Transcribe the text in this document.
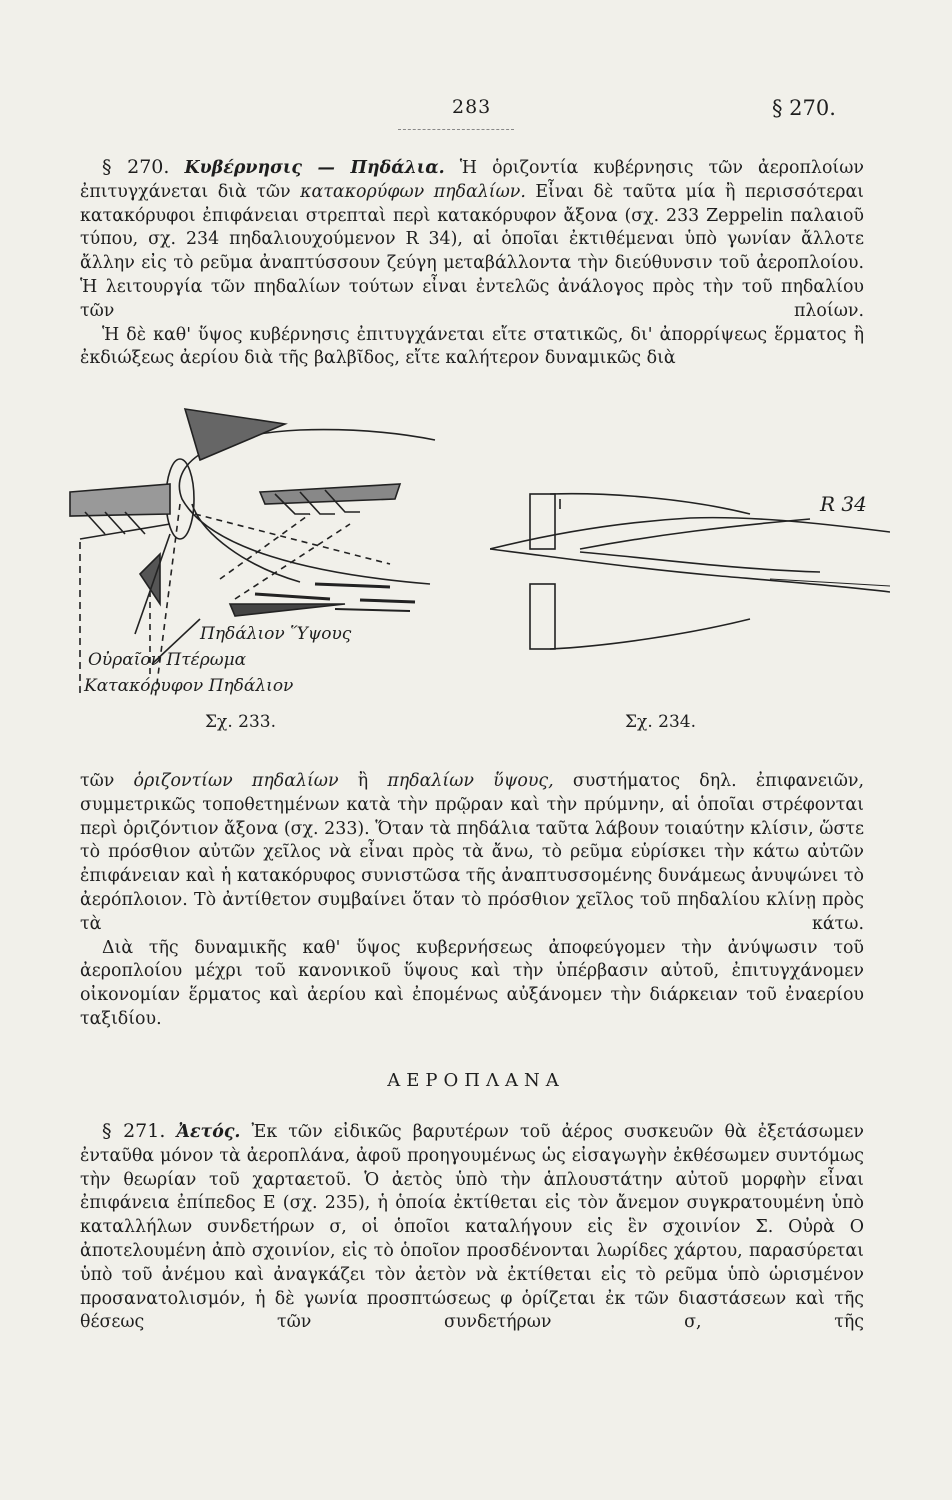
283	§ 270.

§ 270. Κυβέρνησις — Πηδάλια. Ἡ ὁριζοντία κυβέρνησις τῶν ἀεροπλοίων ἐπιτυγχάνεται διὰ τῶν κατακορύφων πηδαλίων. Εἶναι δὲ ταῦτα μία ἢ περισσότεραι κατακόρυφοι ἐπιφάνειαι στρεπταὶ περὶ κατακόρυφον ἄξονα (σχ. 233 Zeppelin παλαιοῦ τύπου, σχ. 234 πηδαλιουχούμενον R 34), αἱ ὁποῖαι ἐκτιθέμεναι ὑπὸ γωνίαν ἄλλοτε ἄλλην εἰς τὸ ρεῦμα ἀναπτύσσουν ζεύγη μεταβάλλοντα τὴν διεύθυνσιν τοῦ ἀεροπλοίου. Ἡ λειτουργία τῶν πηδαλίων τούτων εἶναι ἐντελῶς ἀνάλογος πρὸς τὴν τοῦ πηδαλίου τῶν πλοίων.

Ἡ δὲ καθ' ὕψος κυβέρνησις ἐπιτυγχάνεται εἴτε στατικῶς, δι' ἀπορρίψεως ἕρματος ἢ ἐκδιώξεως ἀερίου διὰ τῆς βαλβῖδος, εἴτε καλήτερον δυναμικῶς διὰ

Πηδάλιον Ὕψους
Οὐραῖον Πτέρωμα
Κατακόρυφον Πηδάλιον
R 34
Σχ. 233.	Σχ. 234.

τῶν ὁριζοντίων πηδαλίων ἢ πηδαλίων ὕψους, συστήματος δηλ. ἐπιφανειῶν, συμμετρικῶς τοποθετημένων κατὰ τὴν πρῷραν καὶ τὴν πρύμνην, αἱ ὁποῖαι στρέφονται περὶ ὁριζόντιον ἄξονα (σχ. 233). Ὅταν τὰ πηδάλια ταῦτα λάβουν τοιαύτην κλίσιν, ὥστε τὸ πρόσθιον αὐτῶν χεῖλος νὰ εἶναι πρὸς τὰ ἄνω, τὸ ρεῦμα εὑρίσκει τὴν κάτω αὐτῶν ἐπιφάνειαν καὶ ἡ κατακόρυφος συνιστῶσα τῆς ἀναπτυσσομένης δυνάμεως ἀνυψώνει τὸ ἀερόπλοιον. Τὸ ἀντίθετον συμβαίνει ὅταν τὸ πρόσθιον χεῖλος τοῦ πηδαλίου κλίνῃ πρὸς τὰ κάτω.

Διὰ τῆς δυναμικῆς καθ' ὕψος κυβερνήσεως ἀποφεύγομεν τὴν ἀνύψωσιν τοῦ ἀεροπλοίου μέχρι τοῦ κανονικοῦ ὕψους καὶ τὴν ὑπέρβασιν αὐτοῦ, ἐπιτυγχάνομεν οἰκονομίαν ἕρματος καὶ ἀερίου καὶ ἐπομένως αὐξάνομεν τὴν διάρκειαν τοῦ ἐναερίου ταξιδίου.

ΑΕΡΟΠΛΑΝΑ

§ 271. Ἀετός. Ἐκ τῶν εἰδικῶς βαρυτέρων τοῦ ἀέρος συσκευῶν θὰ ἐξετάσωμεν ἐνταῦθα μόνον τὰ ἀεροπλάνα, ἀφοῦ προηγουμένως ὡς εἰσαγωγὴν ἐκθέσωμεν συντόμως τὴν θεωρίαν τοῦ χαρταετοῦ. Ὁ ἀετὸς ὑπὸ τὴν ἁπλουστάτην αὐτοῦ μορφὴν εἶναι ἐπιφάνεια ἐπίπεδος Ε (σχ. 235), ἡ ὁποία ἐκτίθεται εἰς τὸν ἄνεμον συγκρατουμένη ὑπὸ καταλλήλων συνδετήρων σ, οἱ ὁποῖοι καταλήγουν εἰς ἓν σχοινίον Σ. Οὐρὰ Ο ἀποτελουμένη ἀπὸ σχοινίον, εἰς τὸ ὁποῖον προσδένονται λωρίδες χάρτου, παρασύρεται ὑπὸ τοῦ ἀνέμου καὶ ἀναγκάζει τὸν ἀετὸν νὰ ἐκτίθεται εἰς τὸ ρεῦμα ὑπὸ ὡρισμένον προσανατολισμόν, ἡ δὲ γωνία προσπτώσεως φ ὁρίζεται ἐκ τῶν διαστάσεων καὶ τῆς θέσεως τῶν συνδετήρων σ, τῆς
